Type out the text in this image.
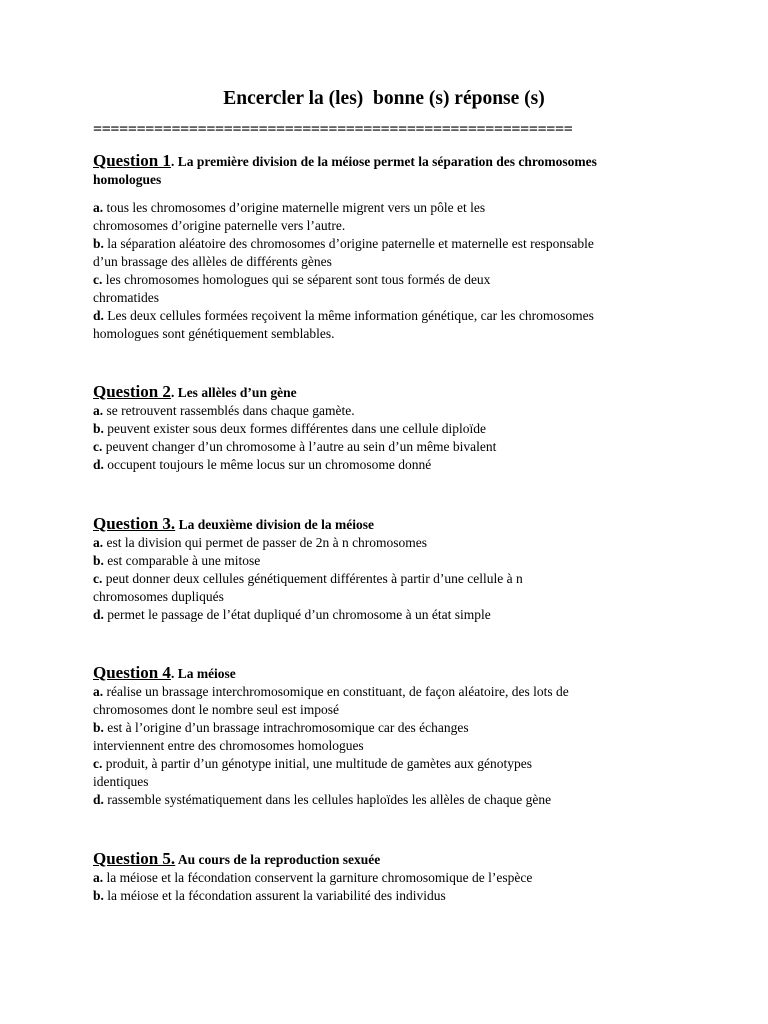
Encercler la (les)  bonne (s) réponse (s)
=======================================================
Question 1. La première division de la méiose permet la séparation des chromosomes
homologues
a. tous les chromosomes d’origine maternelle migrent vers un pôle et les
chromosomes d’origine paternelle vers l’autre.
b. la séparation aléatoire des chromosomes d’origine paternelle et maternelle est responsable
d’un brassage des allèles de différents gènes
c. les chromosomes homologues qui se séparent sont tous formés de deux
chromatides
d. Les deux cellules formées reçoivent la même information génétique, car les chromosomes
homologues sont génétiquement semblables.
Question 2. Les allèles d’un gène
a. se retrouvent rassemblés dans chaque gamète.
b. peuvent exister sous deux formes différentes dans une cellule diploïde
c. peuvent changer d’un chromosome à l’autre au sein d’un même bivalent
d. occupent toujours le même locus sur un chromosome donné
Question 3. La deuxième division de la méiose
a. est la division qui permet de passer de 2n à n chromosomes
b. est comparable à une mitose
c. peut donner deux cellules génétiquement différentes à partir d’une cellule à n
chromosomes dupliqués
d. permet le passage de l’état dupliqué d’un chromosome à un état simple
Question 4. La méiose
a. réalise un brassage interchromosomique en constituant, de façon aléatoire, des lots de
chromosomes dont le nombre seul est imposé
b. est à l’origine d’un brassage intrachromosomique car des échanges
interviennent entre des chromosomes homologues
c. produit, à partir d’un génotype initial, une multitude de gamètes aux génotypes
identiques
d. rassemble systématiquement dans les cellules haploïdes les allèles de chaque gène
Question 5. Au cours de la reproduction sexuée
a. la méiose et la fécondation conservent la garniture chromosomique de l’espèce
b. la méiose et la fécondation assurent la variabilité des individus
